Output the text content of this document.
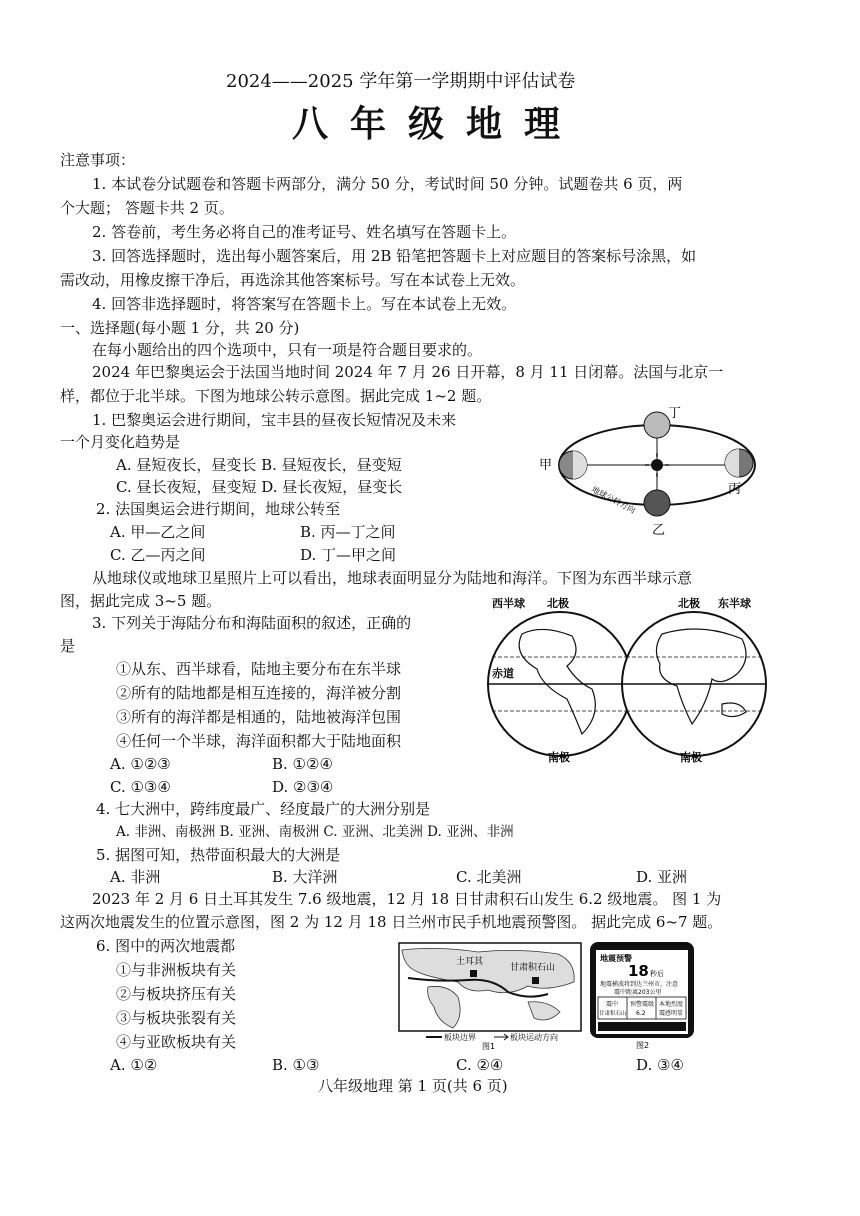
2024——2025 学年第一学期期中评估试卷
八年级地理
注意事项：
1. 本试卷分试题卷和答题卡两部分，满分 50 分，考试时间 50 分钟。试题卷共 6 页，两
个大题； 答题卡共 2 页。
2. 答卷前，考生务必将自己的准考证号、姓名填写在答题卡上。
3. 回答选择题时，选出每小题答案后，用 2B 铅笔把答题卡上对应题目的答案标号涂黑，如
需改动，用橡皮擦干净后，再选涂其他答案标号。写在本试卷上无效。
4. 回答非选择题时，将答案写在答题卡上。写在本试卷上无效。
一、选择题(每小题 1 分，共 20 分)
在每小题给出的四个选项中，只有一项是符合题目要求的。
2024 年巴黎奥运会于法国当地时间 2024 年 7 月 26 日开幕，8 月 11 日闭幕。法国与北京一
样，都位于北半球。下图为地球公转示意图。据此完成 1~2 题。
1. 巴黎奥运会进行期间，宝丰县的昼夜长短情况及未来
一个月变化趋势是
A. 昼短夜长，昼变长 B. 昼短夜长，昼变短
C. 昼长夜短，昼变短 D. 昼长夜短，昼变长
2. 法国奥运会进行期间，地球公转至
A. 甲—乙之间	B. 丙—丁之间
C. 乙—丙之间	D. 丁—甲之间
甲
乙
丙
丁
地球公转方向
从地球仪或地球卫星照片上可以看出，地球表面明显分为陆地和海洋。下图为东西半球示意
图，据此完成 3~5 题。
3. 下列关于海陆分布和海陆面积的叙述，正确的
是
①从东、西半球看，陆地主要分布在东半球
②所有的陆地都是相互连接的，海洋被分割
③所有的海洋都是相通的，陆地被海洋包围
④任何一个半球，海洋面积都大于陆地面积
A. ①②③	B. ①②④
C. ①③④	D. ②③④
4. 七大洲中，跨纬度最广、经度最广的大洲分别是
A. 非洲、南极洲 B. 亚洲、南极洲 C. 亚洲、北美洲 D. 亚洲、非洲
5. 据图可知，热带面积最大的大洲是
A. 非洲	B. 大洋洲	C. 北美洲	D. 亚洲
西半球 北极	北极 东半球
赤道
南极	南极
2023 年 2 月 6 日土耳其发生 7.6 级地震，12 月 18 日甘肃积石山发生 6.2 级地震。 图 1 为
这两次地震发生的位置示意图，图 2 为 12 月 18 日兰州市民手机地震预警图。 据此完成 6~7 题。
6. 图中的两次地震都
①与非洲板块有关
②与板块挤压有关
③与板块张裂有关
④与亚欧板块有关
A. ①②	B. ①③	C. ②④	D. ③④
土耳其
甘肃积石山
板块边界	板块运动方向
图1
地震预警
18 秒后
地震横波将到达兰州市，注意
震中距离203公里
震中
甘肃积石山
预警震级
6.2
本地烈度
震感明显
图2
八年级地理 第 1 页(共 6 页)
